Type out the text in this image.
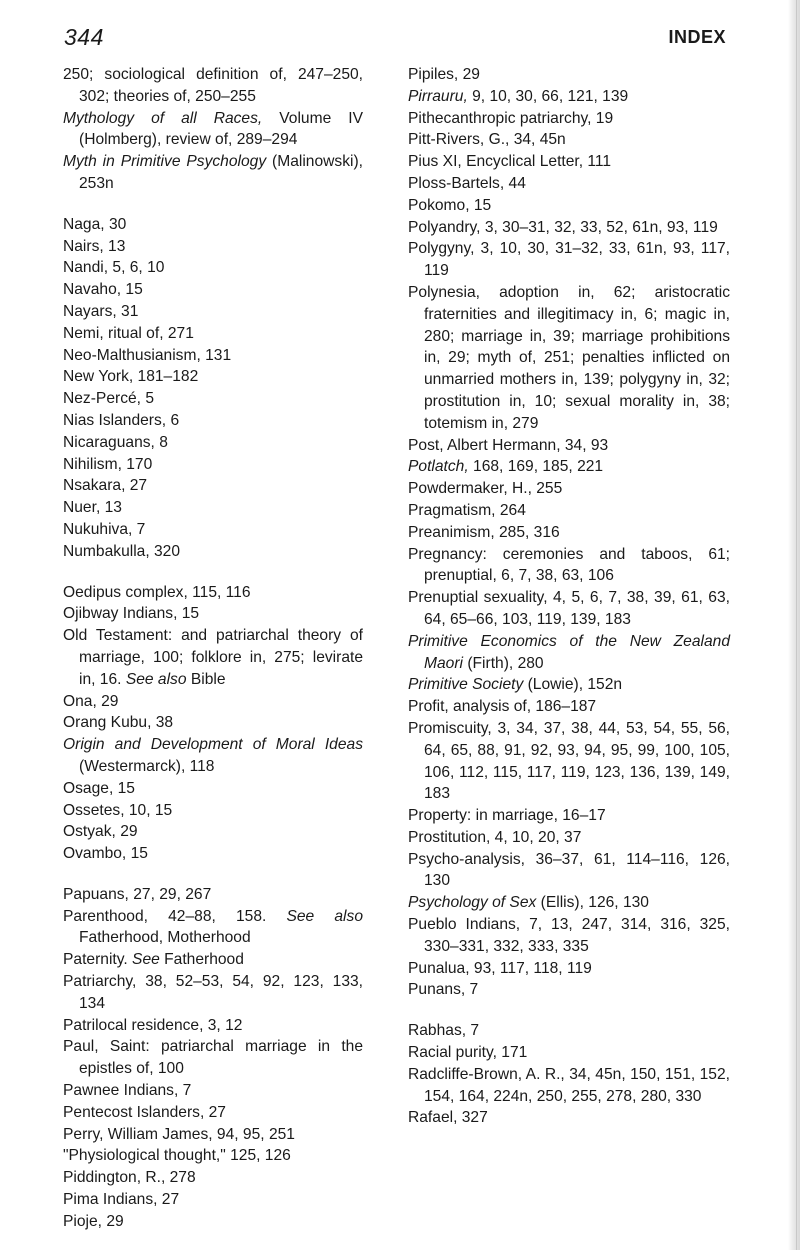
344	INDEX
250; sociological definition of, 247–250, 302; theories of, 250–255
Mythology of all Races, Volume IV (Holmberg), review of, 289–294
Myth in Primitive Psychology (Malinowski), 253n
Naga, 30
Nairs, 13
Nandi, 5, 6, 10
Navaho, 15
Nayars, 31
Nemi, ritual of, 271
Neo-Malthusianism, 131
New York, 181–182
Nez-Percé, 5
Nias Islanders, 6
Nicaraguans, 8
Nihilism, 170
Nsakara, 27
Nuer, 13
Nukuhiva, 7
Numbakulla, 320
Oedipus complex, 115, 116
Ojibway Indians, 15
Old Testament: and patriarchal theory of marriage, 100; folklore in, 275; levirate in, 16. See also Bible
Ona, 29
Orang Kubu, 38
Origin and Development of Moral Ideas (Westermarck), 118
Osage, 15
Ossetes, 10, 15
Ostyak, 29
Ovambo, 15
Papuans, 27, 29, 267
Parenthood, 42–88, 158. See also Fatherhood, Motherhood
Paternity. See Fatherhood
Patriarchy, 38, 52–53, 54, 92, 123, 133, 134
Patrilocal residence, 3, 12
Paul, Saint: patriarchal marriage in the epistles of, 100
Pawnee Indians, 7
Pentecost Islanders, 27
Perry, William James, 94, 95, 251
"Physiological thought," 125, 126
Piddington, R., 278
Pima Indians, 27
Pioje, 29
Pipiles, 29
Pirrauru, 9, 10, 30, 66, 121, 139
Pithecanthropic patriarchy, 19
Pitt-Rivers, G., 34, 45n
Pius XI, Encyclical Letter, 111
Ploss-Bartels, 44
Pokomo, 15
Polyandry, 3, 30–31, 32, 33, 52, 61n, 93, 119
Polygyny, 3, 10, 30, 31–32, 33, 61n, 93, 117, 119
Polynesia, adoption in, 62; aristocratic fraternities and illegitimacy in, 6; magic in, 280; marriage in, 39; marriage prohibitions in, 29; myth of, 251; penalties inflicted on unmarried mothers in, 139; polygyny in, 32; prostitution in, 10; sexual morality in, 38; totemism in, 279
Post, Albert Hermann, 34, 93
Potlatch, 168, 169, 185, 221
Powdermaker, H., 255
Pragmatism, 264
Preanimism, 285, 316
Pregnancy: ceremonies and taboos, 61; prenuptial, 6, 7, 38, 63, 106
Prenuptial sexuality, 4, 5, 6, 7, 38, 39, 61, 63, 64, 65–66, 103, 119, 139, 183
Primitive Economics of the New Zealand Maori (Firth), 280
Primitive Society (Lowie), 152n
Profit, analysis of, 186–187
Promiscuity, 3, 34, 37, 38, 44, 53, 54, 55, 56, 64, 65, 88, 91, 92, 93, 94, 95, 99, 100, 105, 106, 112, 115, 117, 119, 123, 136, 139, 149, 183
Property: in marriage, 16–17
Prostitution, 4, 10, 20, 37
Psycho-analysis, 36–37, 61, 114–116, 126, 130
Psychology of Sex (Ellis), 126, 130
Pueblo Indians, 7, 13, 247, 314, 316, 325, 330–331, 332, 333, 335
Punalua, 93, 117, 118, 119
Punans, 7
Rabhas, 7
Racial purity, 171
Radcliffe-Brown, A. R., 34, 45n, 150, 151, 152, 154, 164, 224n, 250, 255, 278, 280, 330
Rafael, 327
